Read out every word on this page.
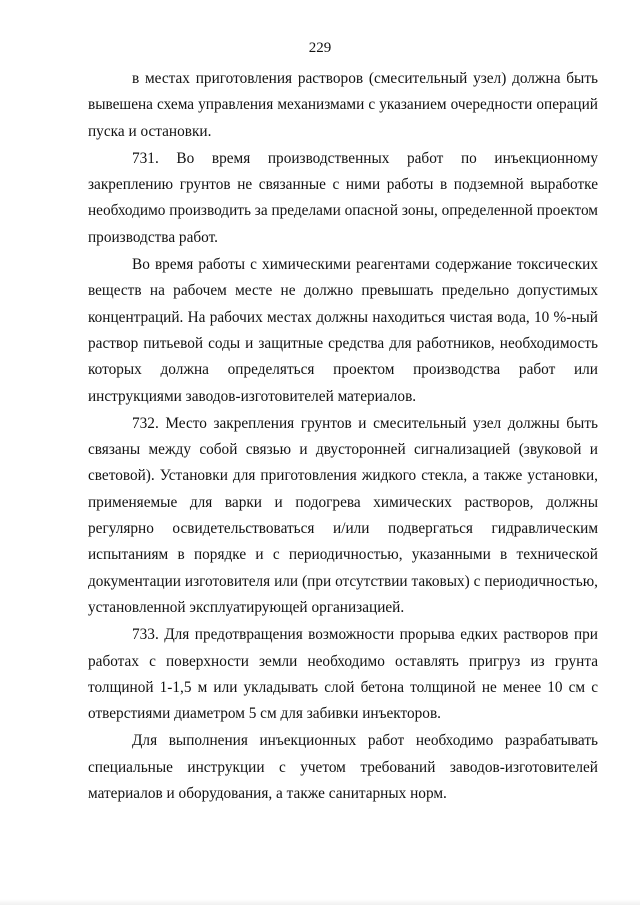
229

в местах приготовления растворов (смесительный узел) должна быть вывешена схема управления механизмами с указанием очередности операций пуска и остановки.

731. Во время производственных работ по инъекционному закреплению грунтов не связанные с ними работы в подземной выработке необходимо производить за пределами опасной зоны, определенной проектом производства работ.

Во время работы с химическими реагентами содержание токсических веществ на рабочем месте не должно превышать предельно допустимых концентраций. На рабочих местах должны находиться чистая вода, 10 %-ный раствор питьевой соды и защитные средства для работников, необходимость которых должна определяться проектом производства работ или инструкциями заводов-изготовителей материалов.

732. Место закрепления грунтов и смесительный узел должны быть связаны между собой связью и двусторонней сигнализацией (звуковой и световой). Установки для приготовления жидкого стекла, а также установки, применяемые для варки и подогрева химических растворов, должны регулярно освидетельствоваться и/или подвергаться гидравлическим испытаниям в порядке и с периодичностью, указанными в технической документации изготовителя или (при отсутствии таковых) с периодичностью, установленной эксплуатирующей организацией.

733. Для предотвращения возможности прорыва едких растворов при работах с поверхности земли необходимо оставлять пригруз из грунта толщиной 1-1,5 м или укладывать слой бетона толщиной не менее 10 см с отверстиями диаметром 5 см для забивки инъекторов.

Для выполнения инъекционных работ необходимо разрабатывать специальные инструкции с учетом требований заводов-изготовителей материалов и оборудования, а также санитарных норм.
